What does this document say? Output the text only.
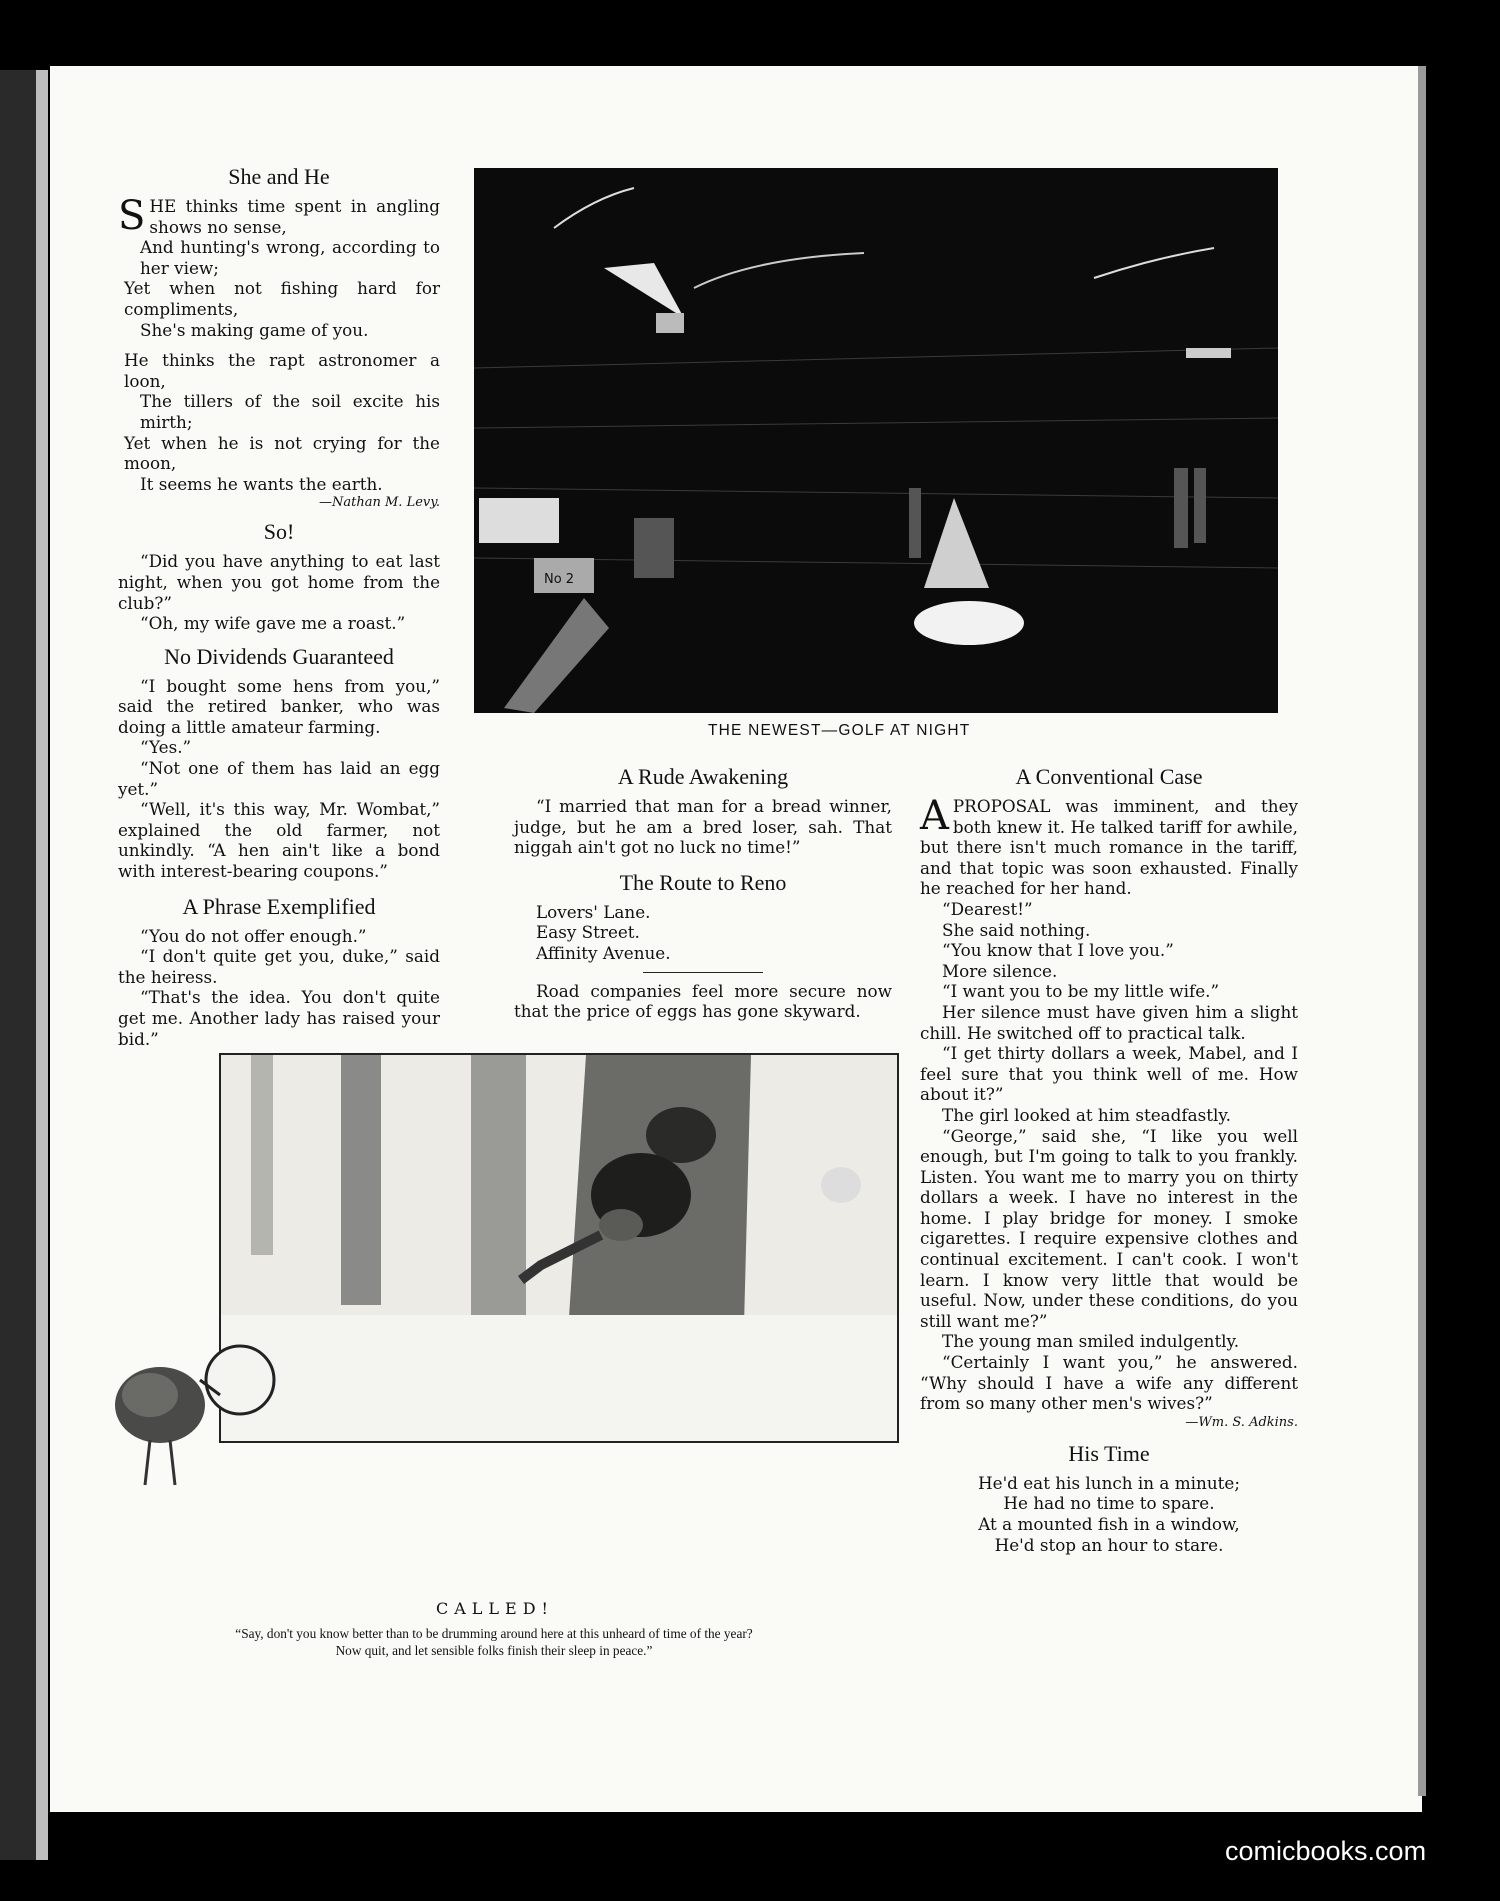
She and He

SHE thinks time spent in angling shows no sense,

And hunting's wrong, according to her view;

Yet when not fishing hard for compliments,

She's making game of you.

He thinks the rapt astronomer a loon,

The tillers of the soil excite his mirth;

Yet when he is not crying for the moon,

It seems he wants the earth.

—Nathan M. Levy.
So!

“Did you have anything to eat last night, when you got home from the club?”

“Oh, my wife gave me a roast.”

No Dividends Guaranteed

“I bought some hens from you,” said the retired banker, who was doing a little amateur farming.

“Yes.”

“Not one of them has laid an egg yet.”

“Well, it's this way, Mr. Wombat,” explained the old farmer, not unkindly. “A hen ain't like a bond with interest-bearing coupons.”

A Phrase Exemplified

“You do not offer enough.”

“I don't quite get you, duke,” said the heiress.

“That's the idea. You don't quite get me. Another lady has raised your bid.”

No 2
THE NEWEST—GOLF AT NIGHT
A Rude Awakening

“I married that man for a bread winner, judge, but he am a bred loser, sah. That niggah ain't got no luck no time!”

The Route to Reno

Lovers' Lane.

Easy Street.

Affinity Avenue.

Road companies feel more secure now that the price of eggs has gone skyward.

A Conventional Case

APROPOSAL was imminent, and they both knew it. He talked tariff for awhile, but there isn't much romance in the tariff, and that topic was soon exhausted. Finally he reached for her hand.

“Dearest!”

She said nothing.

“You know that I love you.”

More silence.

“I want you to be my little wife.”

Her silence must have given him a slight chill. He switched off to practical talk.

“I get thirty dollars a week, Mabel, and I feel sure that you think well of me. How about it?”

The girl looked at him steadfastly.

“George,” said she, “I like you well enough, but I'm going to talk to you frankly. Listen. You want me to marry you on thirty dollars a week. I have no interest in the home. I play bridge for money. I smoke cigarettes. I require expensive clothes and continual excitement. I can't cook. I won't learn. I know very little that would be useful. Now, under these conditions, do you still want me?”

The young man smiled indulgently.

“Certainly I want you,” he answered. “Why should I have a wife any different from so many other men's wives?”

—Wm. S. Adkins.
His Time

He'd eat his lunch in a minute;

He had no time to spare.

At a mounted fish in a window,

He'd stop an hour to stare.

CALLED!
“Say, don't you know better than to be drumming around here at this unheard of time of the year?
Now quit, and let sensible folks finish their sleep in peace.”
comicbooks.com
